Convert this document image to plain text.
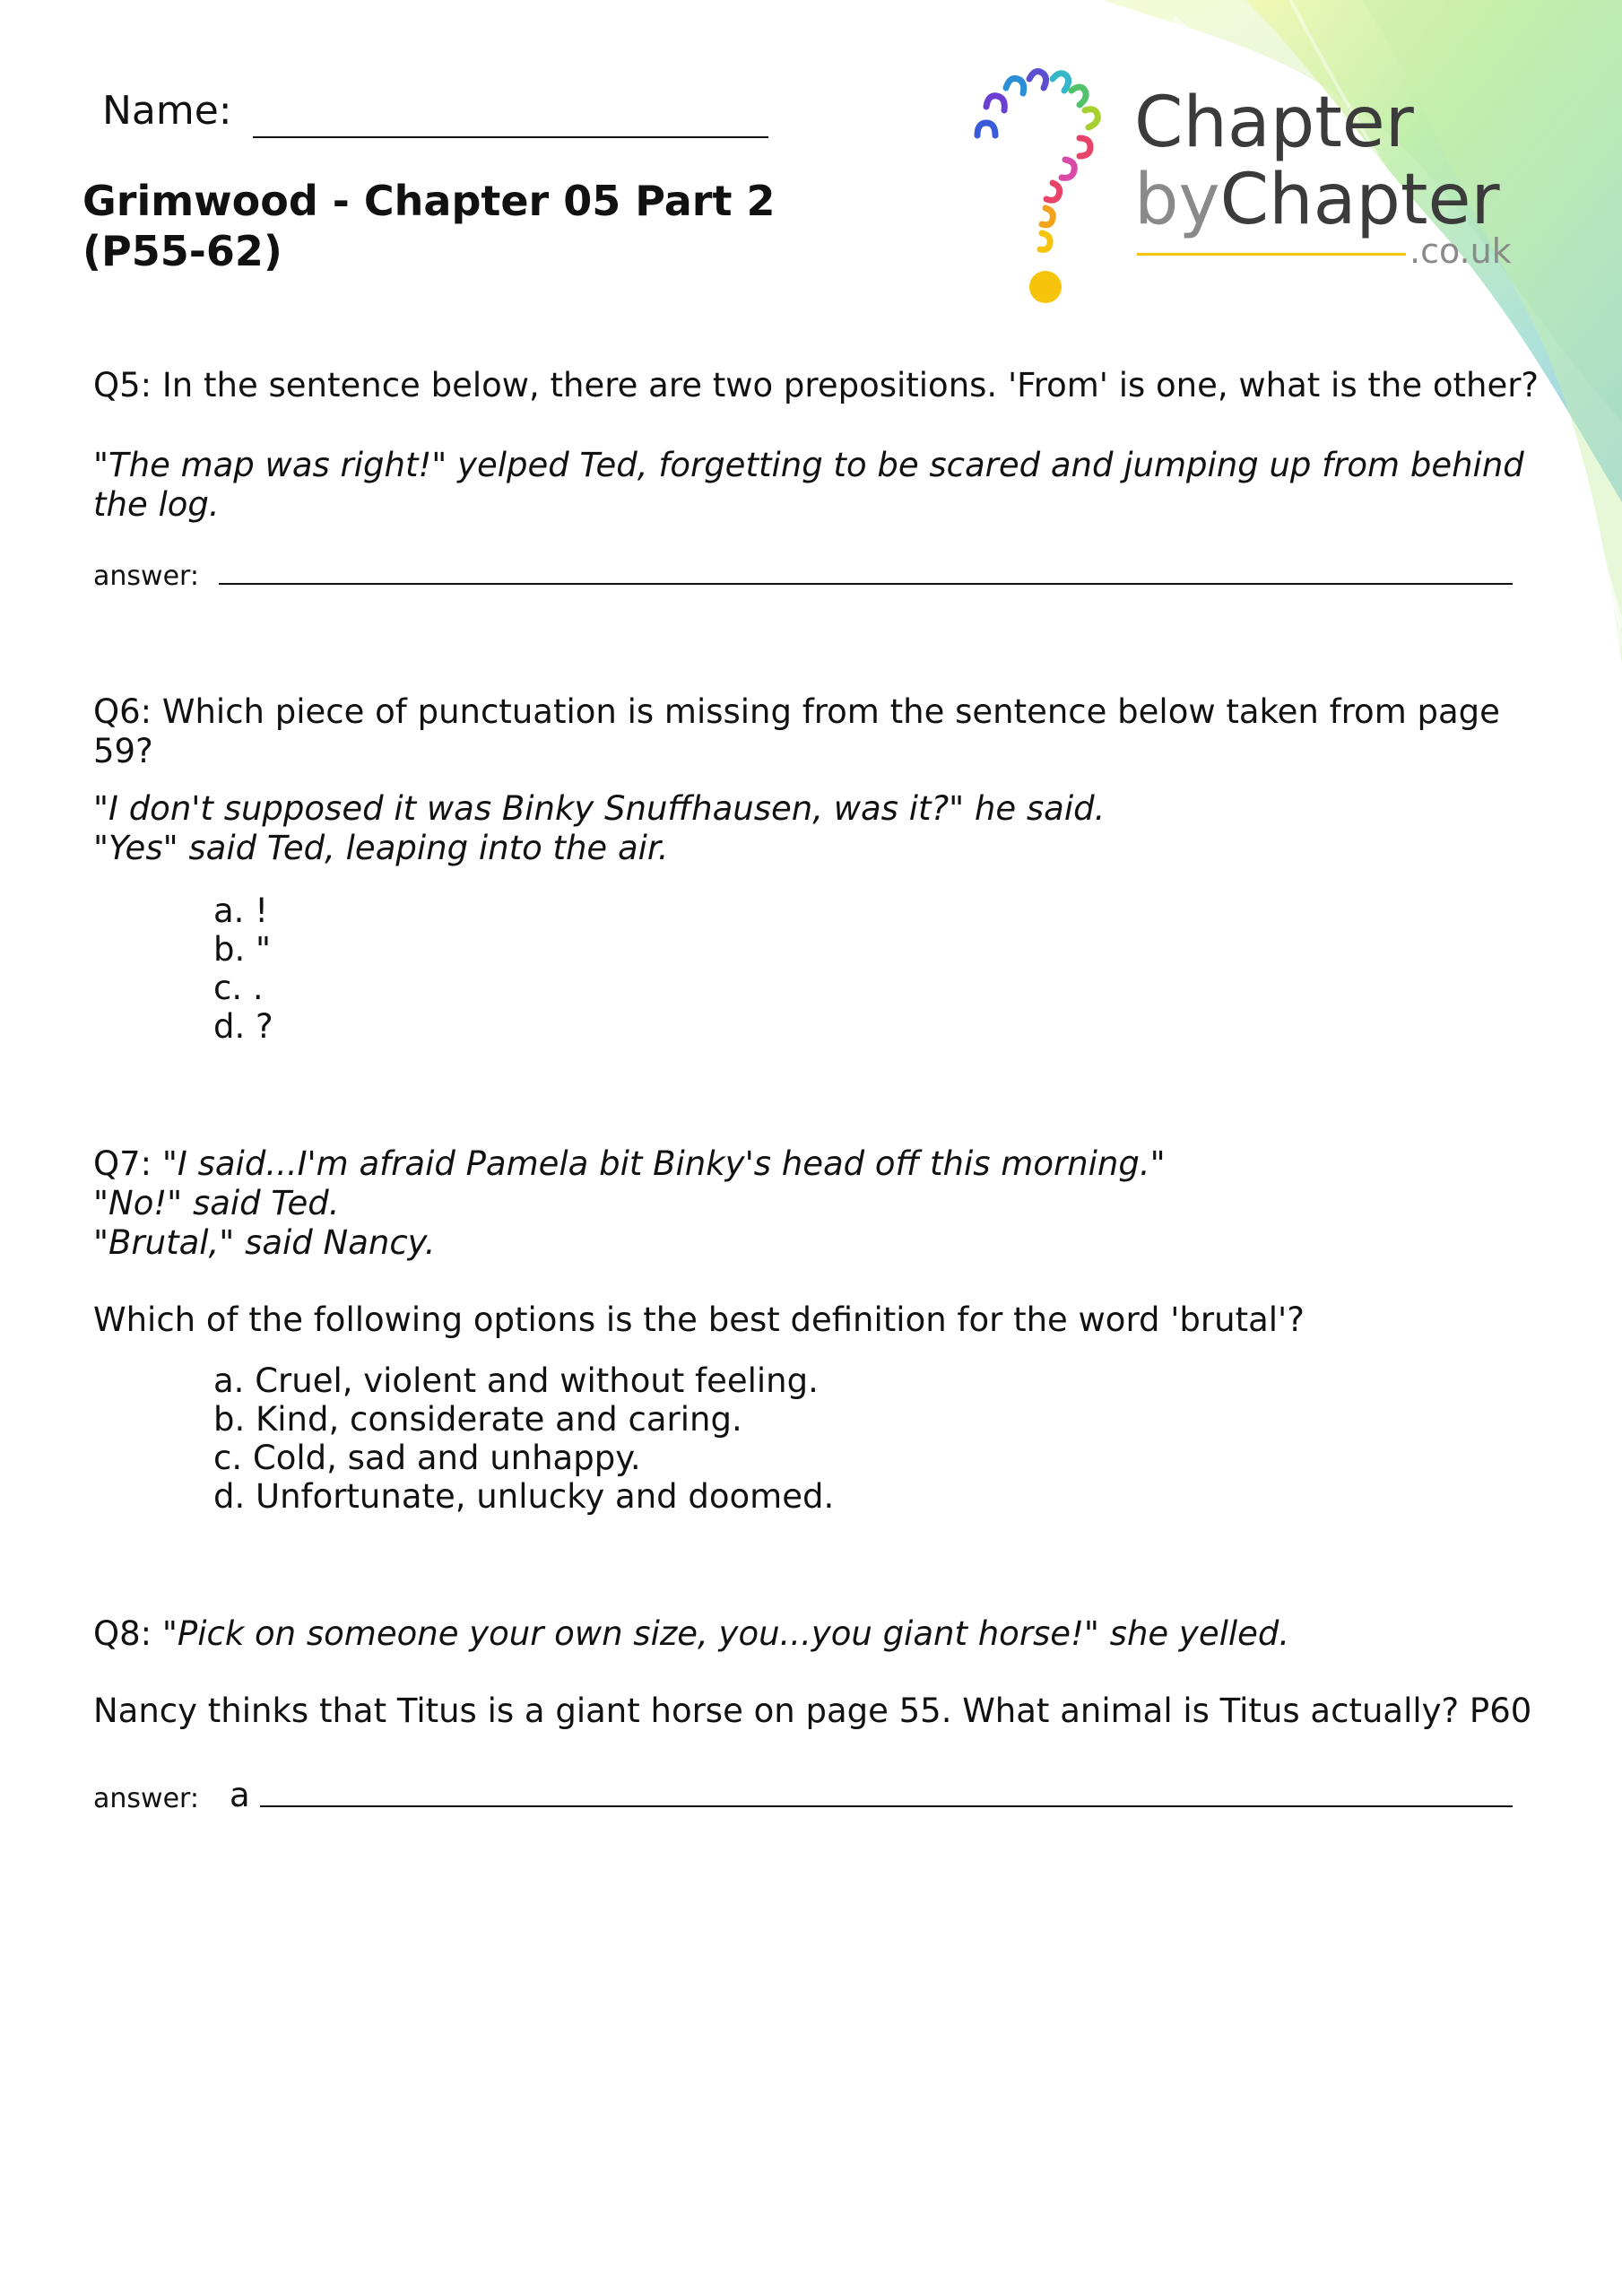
Name:
Grimwood - Chapter 05 Part 2
(P55-62)
Chapter
byChapter
.co.uk
Q5: In the sentence below, there are two prepositions. 'From' is one, what is the other?
"The map was right!" yelped Ted, forgetting to be scared and jumping up from behind
the log.
answer:
Q6: Which piece of punctuation is missing from the sentence below taken from page
59?
"I don't supposed it was Binky Snuffhausen, was it?" he said.
"Yes" said Ted, leaping into the air.
a. !
b. "
c. .
d. ?
Q7: "I said...I'm afraid Pamela bit Binky's head off this morning."
"No!" said Ted.
"Brutal," said Nancy.
Which of the following options is the best definition for the word 'brutal'?
a. Cruel, violent and without feeling.
b. Kind, considerate and caring.
c. Cold, sad and unhappy.
d. Unfortunate, unlucky and doomed.
Q8: "Pick on someone your own size, you...you giant horse!" she yelled.
Nancy thinks that Titus is a giant horse on page 55. What animal is Titus actually? P60
answer: a
